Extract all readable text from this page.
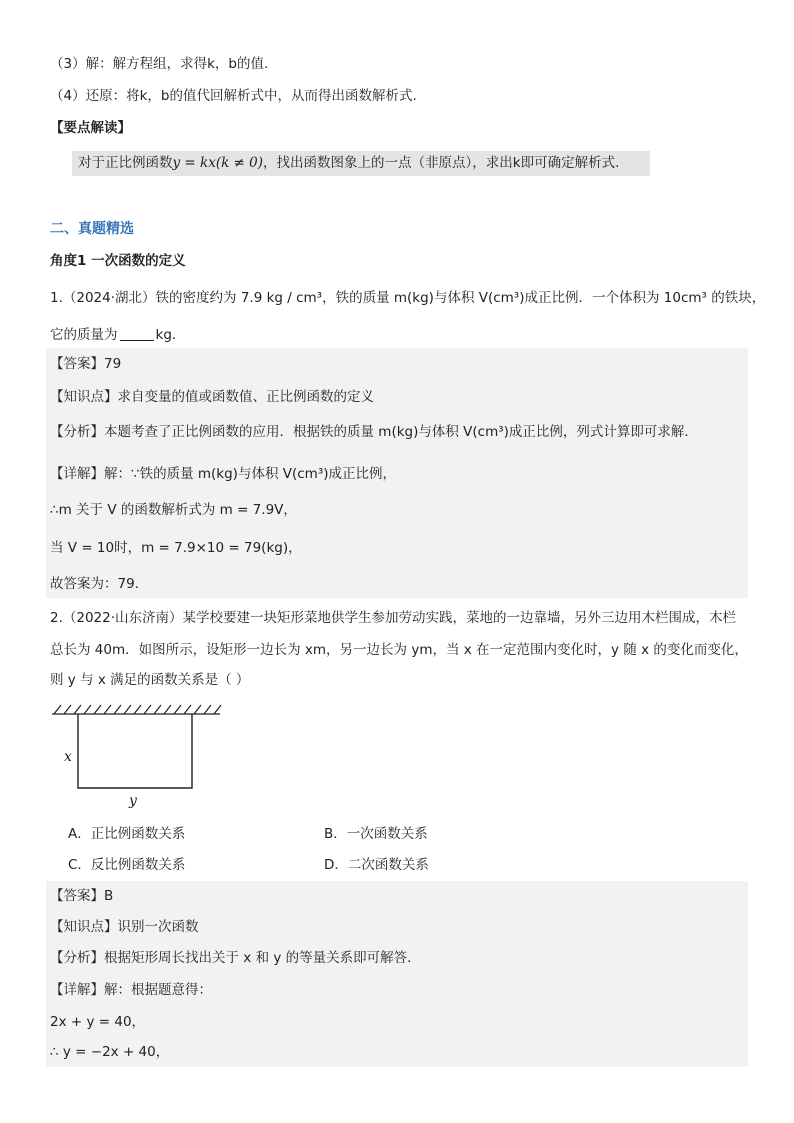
（3）解：解方程组，求得k，b的值.
（4）还原：将k，b的值代回解析式中，从而得出函数解析式.
【要点解读】
对于正比例函数y = kx(k ≠ 0)，找出函数图象上的一点（非原点），求出k即可确定解析式.
二、真题精选
角度1 一次函数的定义
1.（2024·湖北）铁的密度约为 7.9 kg / cm³，铁的质量 m(kg)与体积 V(cm³)成正比例．一个体积为 10cm³ 的铁块，
它的质量为	kg．
【答案】79
【知识点】求自变量的值或函数值、正比例函数的定义
【分析】本题考查了正比例函数的应用．根据铁的质量 m(kg)与体积 V(cm³)成正比例，列式计算即可求解．
【详解】解：∵铁的质量 m(kg)与体积 V(cm³)成正比例，
∴m 关于 V 的函数解析式为 m = 7.9V，
当 V = 10时，m = 7.9×10 = 79(kg)，
故答案为：79．
2.（2022·山东济南）某学校要建一块矩形菜地供学生参加劳动实践，菜地的一边靠墙，另外三边用木栏围成，木栏
总长为 40m．如图所示，设矩形一边长为 xm，另一边长为 ym，当 x 在一定范围内变化时，y 随 x 的变化而变化，
则 y 与 x 满足的函数关系是（ ）
x
y
A．正比例函数关系	B．一次函数关系
C．反比例函数关系	D．二次函数关系
【答案】B
【知识点】识别一次函数
【分析】根据矩形周长找出关于 x 和 y 的等量关系即可解答．
【详解】解：根据题意得：
2x + y = 40，
∴ y = −2x + 40，
